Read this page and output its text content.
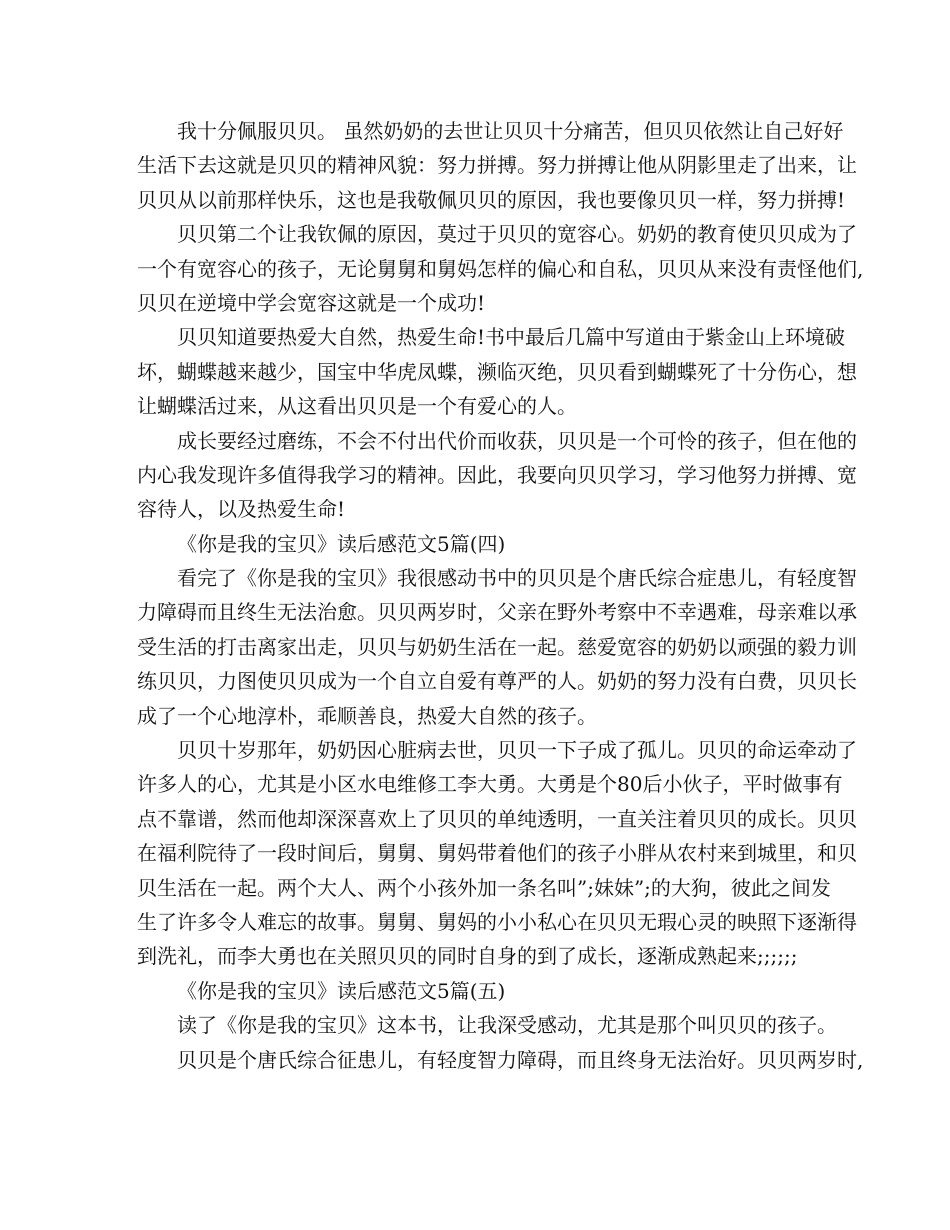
我十分佩服贝贝。 虽然奶奶的去世让贝贝十分痛苦，但贝贝依然让自己好好
生活下去这就是贝贝的精神风貌：努力拼搏。努力拼搏让他从阴影里走了出来，让
贝贝从以前那样快乐，这也是我敬佩贝贝的原因，我也要像贝贝一样，努力拼搏!
贝贝第二个让我钦佩的原因，莫过于贝贝的宽容心。奶奶的教育使贝贝成为了
一个有宽容心的孩子，无论舅舅和舅妈怎样的偏心和自私，贝贝从来没有责怪他们,
贝贝在逆境中学会宽容这就是一个成功!
贝贝知道要热爱大自然，热爱生命!书中最后几篇中写道由于紫金山上环境破
坏，蝴蝶越来越少，国宝中华虎凤蝶，濒临灭绝，贝贝看到蝴蝶死了十分伤心，想
让蝴蝶活过来，从这看出贝贝是一个有爱心的人。
成长要经过磨练，不会不付出代价而收获，贝贝是一个可怜的孩子，但在他的
内心我发现许多值得我学习的精神。因此，我要向贝贝学习，学习他努力拼搏、宽
容待人，以及热爱生命!
《你是我的宝贝》读后感范文5篇(四)
看完了《你是我的宝贝》我很感动书中的贝贝是个唐氏综合症患儿，有轻度智
力障碍而且终生无法治愈。贝贝两岁时，父亲在野外考察中不幸遇难，母亲难以承
受生活的打击离家出走，贝贝与奶奶生活在一起。慈爱宽容的奶奶以顽强的毅力训
练贝贝，力图使贝贝成为一个自立自爱有尊严的人。奶奶的努力没有白费，贝贝长
成了一个心地淳朴，乖顺善良，热爱大自然的孩子。
贝贝十岁那年，奶奶因心脏病去世，贝贝一下子成了孤儿。贝贝的命运牵动了
许多人的心，尤其是小区水电维修工李大勇。大勇是个80后小伙子，平时做事有
点不靠谱，然而他却深深喜欢上了贝贝的单纯透明，一直关注着贝贝的成长。贝贝
在福利院待了一段时间后，舅舅、舅妈带着他们的孩子小胖从农村来到城里，和贝
贝生活在一起。两个大人、两个小孩外加一条名叫”;妹妹”;的大狗，彼此之间发
生了许多令人难忘的故事。舅舅、舅妈的小小私心在贝贝无瑕心灵的映照下逐渐得
到洗礼，而李大勇也在关照贝贝的同时自身的到了成长，逐渐成熟起来;;;;;;
《你是我的宝贝》读后感范文5篇(五)
读了《你是我的宝贝》这本书，让我深受感动，尤其是那个叫贝贝的孩子。
贝贝是个唐氏综合征患儿，有轻度智力障碍，而且终身无法治好。贝贝两岁时,
